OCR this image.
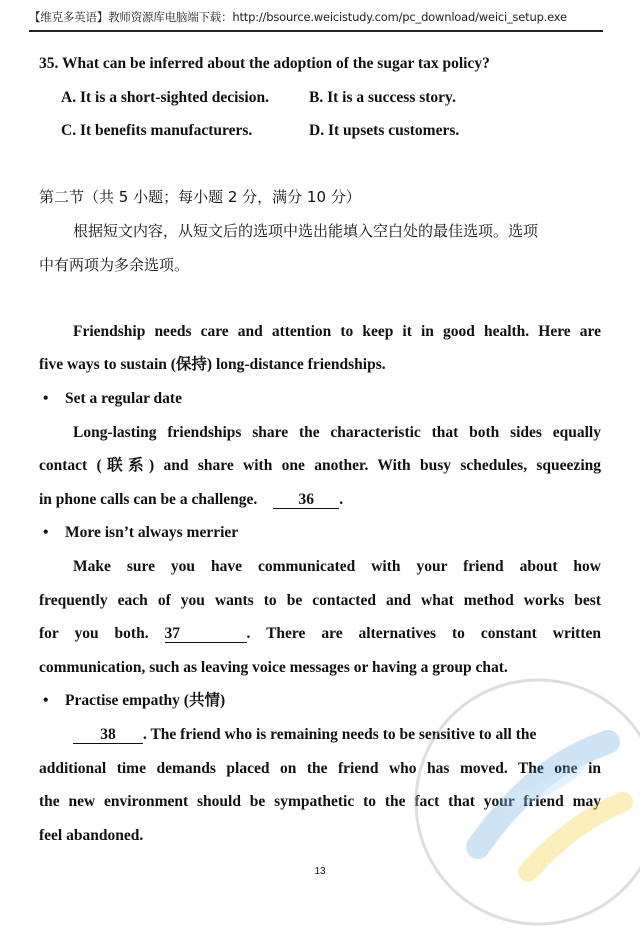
【维克多英语】教师资源库电脑端下载：http://bsource.weicistudy.com/pc_download/weici_setup.exe
35. What can be inferred about the adoption of the sugar tax policy?
A. It is a short-sighted decision.	B. It is a success story.
C. It benefits manufacturers.	D. It upsets customers.
第二节（共 5 小题；每小题 2 分，满分 10 分）
根据短文内容，从短文后的选项中选出能填入空白处的最佳选项。选项
中有两项为多余选项。
Friendship needs care and attention to keep it in good health. Here are
five ways to sustain (保持) long-distance friendships.
• Set a regular date
Long-lasting friendships share the characteristic that both sides equally
contact (联系) and share with one another. With busy schedules, squeezing
in phone calls can be a challenge.	36 .
• More isn’t always merrier
Make sure you have communicated with your friend about how
frequently each of you wants to be contacted and what method works best
for you both. 37	. There are alternatives to constant written
communication, such as leaving voice messages or having a group chat.
• Practise empathy (共情)
38 . The friend who is remaining needs to be sensitive to all the
additional time demands placed on the friend who has moved. The one in
the new environment should be sympathetic to the fact that your friend may
feel abandoned.
13
